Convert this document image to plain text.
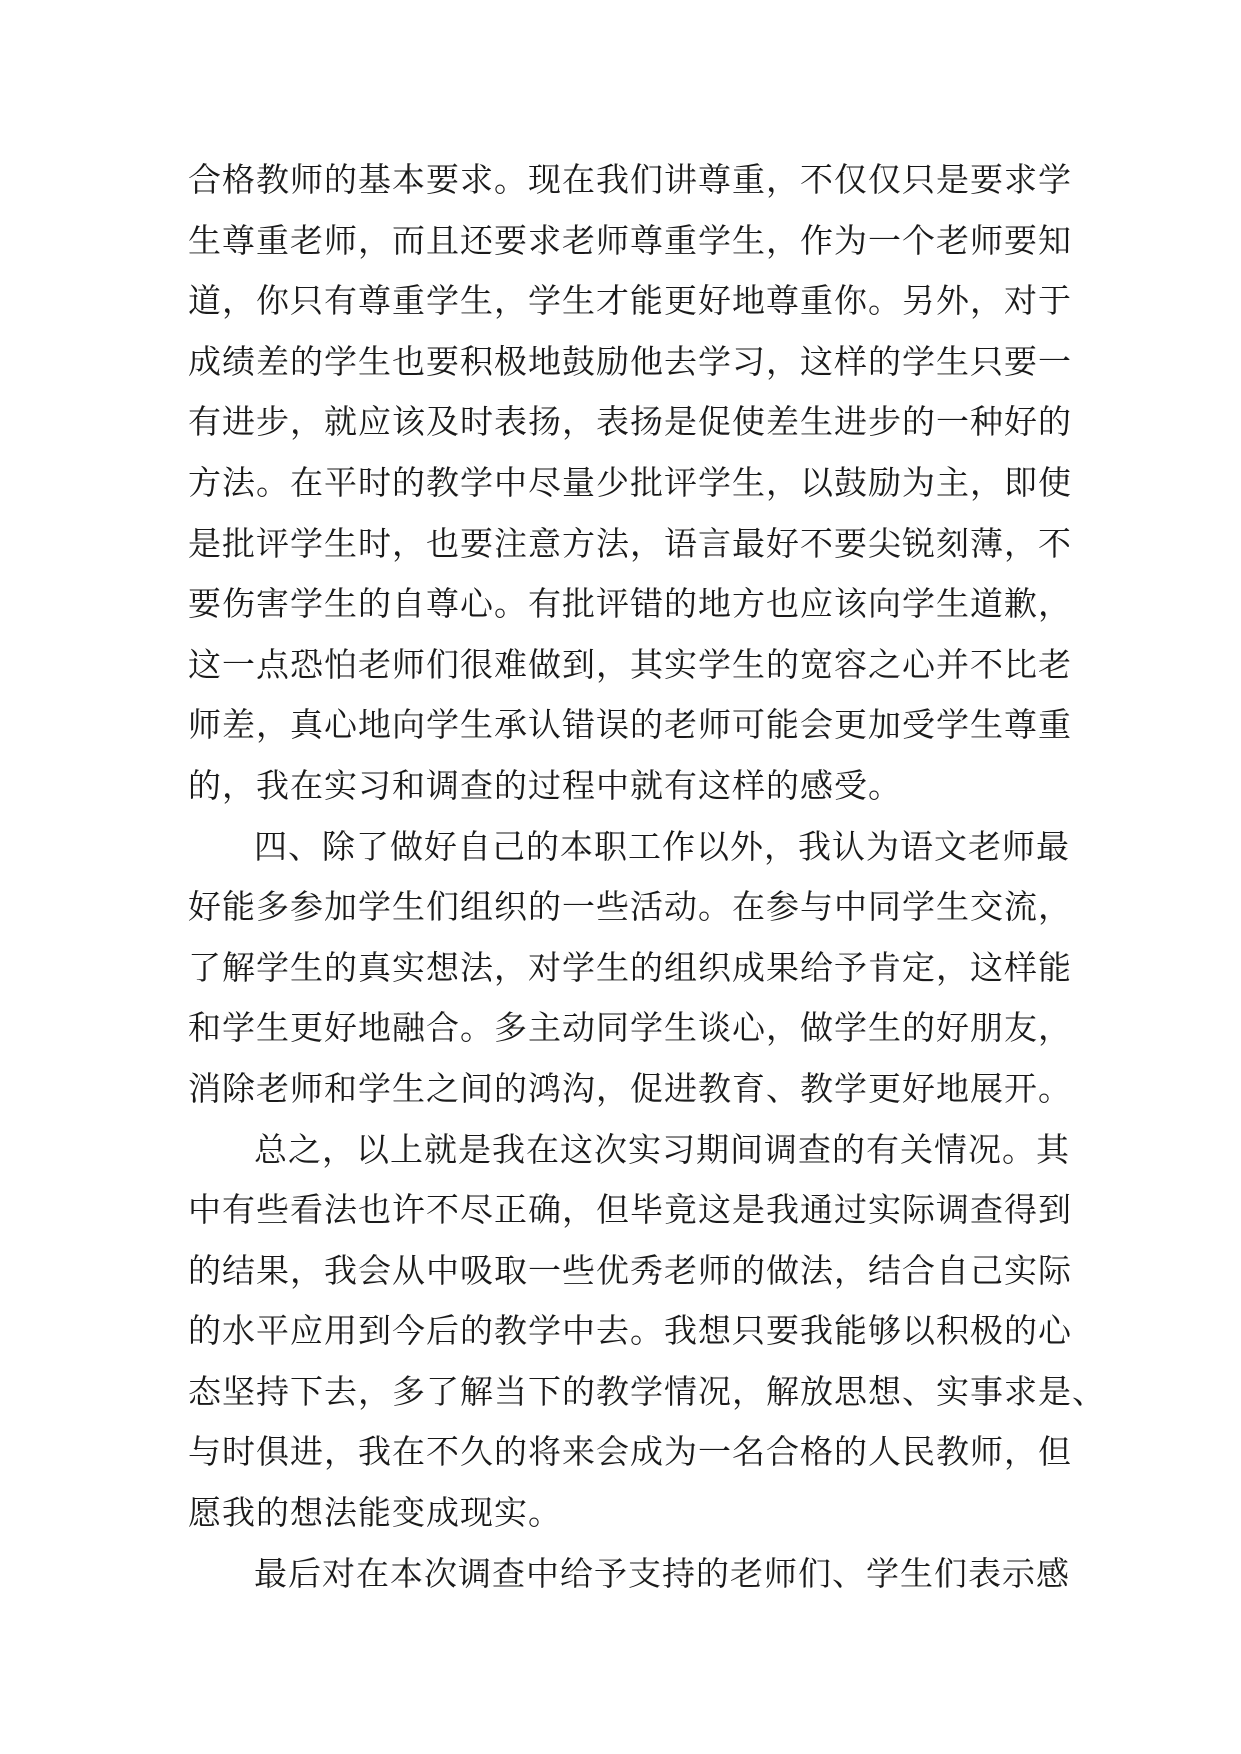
合格教师的基本要求。现在我们讲尊重，不仅仅只是要求学
生尊重老师，而且还要求老师尊重学生，作为一个老师要知
道，你只有尊重学生，学生才能更好地尊重你。另外，对于
成绩差的学生也要积极地鼓励他去学习，这样的学生只要一
有进步，就应该及时表扬，表扬是促使差生进步的一种好的
方法。在平时的教学中尽量少批评学生，以鼓励为主，即使
是批评学生时，也要注意方法，语言最好不要尖锐刻薄，不
要伤害学生的自尊心。有批评错的地方也应该向学生道歉，
这一点恐怕老师们很难做到，其实学生的宽容之心并不比老
师差，真心地向学生承认错误的老师可能会更加受学生尊重
的，我在实习和调查的过程中就有这样的感受。
四、除了做好自己的本职工作以外，我认为语文老师最
好能多参加学生们组织的一些活动。在参与中同学生交流，
了解学生的真实想法，对学生的组织成果给予肯定，这样能
和学生更好地融合。多主动同学生谈心，做学生的好朋友，
消除老师和学生之间的鸿沟，促进教育、教学更好地展开。
总之，以上就是我在这次实习期间调查的有关情况。其
中有些看法也许不尽正确，但毕竟这是我通过实际调查得到
的结果，我会从中吸取一些优秀老师的做法，结合自己实际
的水平应用到今后的教学中去。我想只要我能够以积极的心
态坚持下去，多了解当下的教学情况，解放思想、实事求是、
与时俱进，我在不久的将来会成为一名合格的人民教师，但
愿我的想法能变成现实。
最后对在本次调查中给予支持的老师们、学生们表示感
